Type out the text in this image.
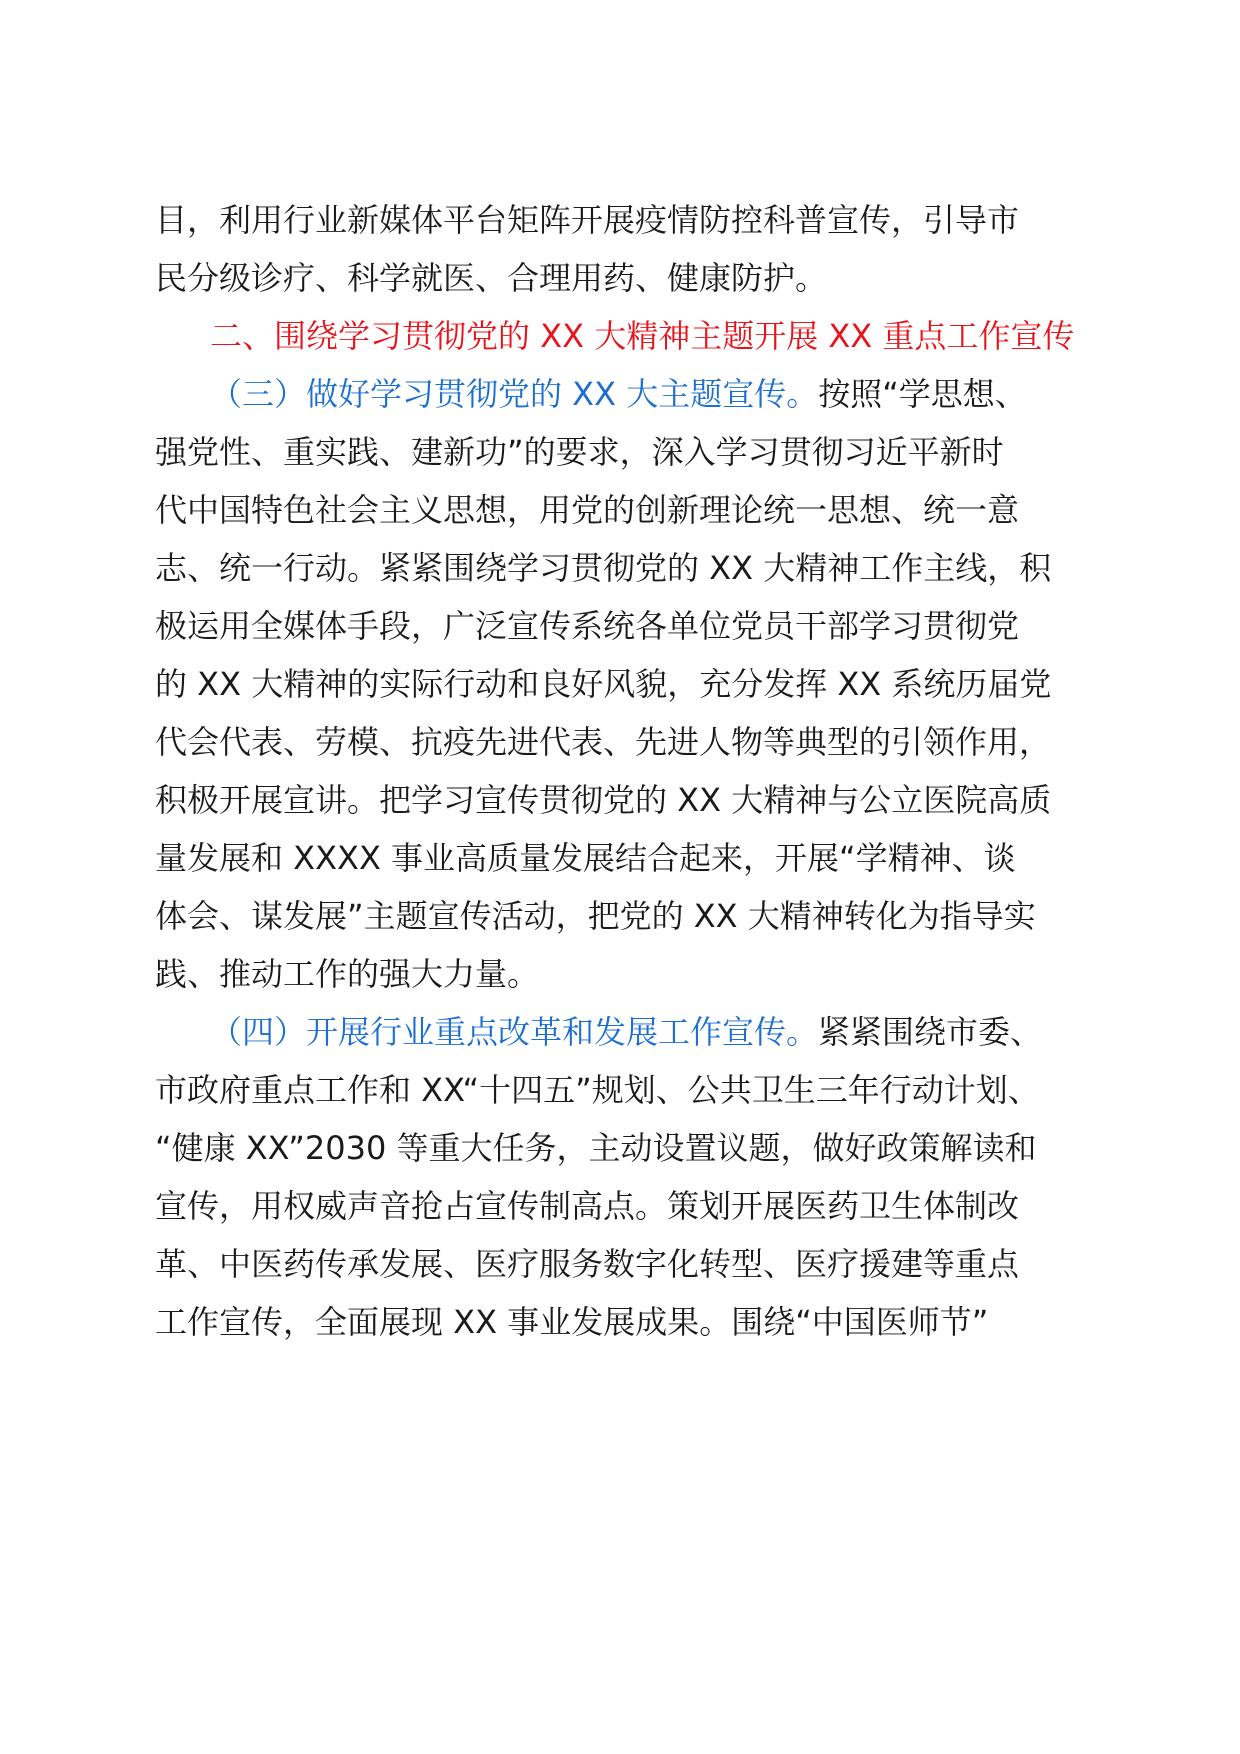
目，利用行业新媒体平台矩阵开展疫情防控科普宣传，引导市
民分级诊疗、科学就医、合理用药、健康防护。
二、围绕学习贯彻党的 XX 大精神主题开展 XX 重点工作宣传
（三）做好学习贯彻党的 XX 大主题宣传。按照“学思想、
强党性、重实践、建新功”的要求，深入学习贯彻习近平新时
代中国特色社会主义思想，用党的创新理论统一思想、统一意
志、统一行动。紧紧围绕学习贯彻党的 XX 大精神工作主线，积
极运用全媒体手段，广泛宣传系统各单位党员干部学习贯彻党
的 XX 大精神的实际行动和良好风貌，充分发挥 XX 系统历届党
代会代表、劳模、抗疫先进代表、先进人物等典型的引领作用，
积极开展宣讲。把学习宣传贯彻党的 XX 大精神与公立医院高质
量发展和 XXXX 事业高质量发展结合起来，开展“学精神、谈
体会、谋发展”主题宣传活动，把党的 XX 大精神转化为指导实
践、推动工作的强大力量。
（四）开展行业重点改革和发展工作宣传。紧紧围绕市委、
市政府重点工作和 XX“十四五”规划、公共卫生三年行动计划、
“健康 XX”2030 等重大任务，主动设置议题，做好政策解读和
宣传，用权威声音抢占宣传制高点。策划开展医药卫生体制改
革、中医药传承发展、医疗服务数字化转型、医疗援建等重点
工作宣传，全面展现 XX 事业发展成果。围绕“中国医师节”
